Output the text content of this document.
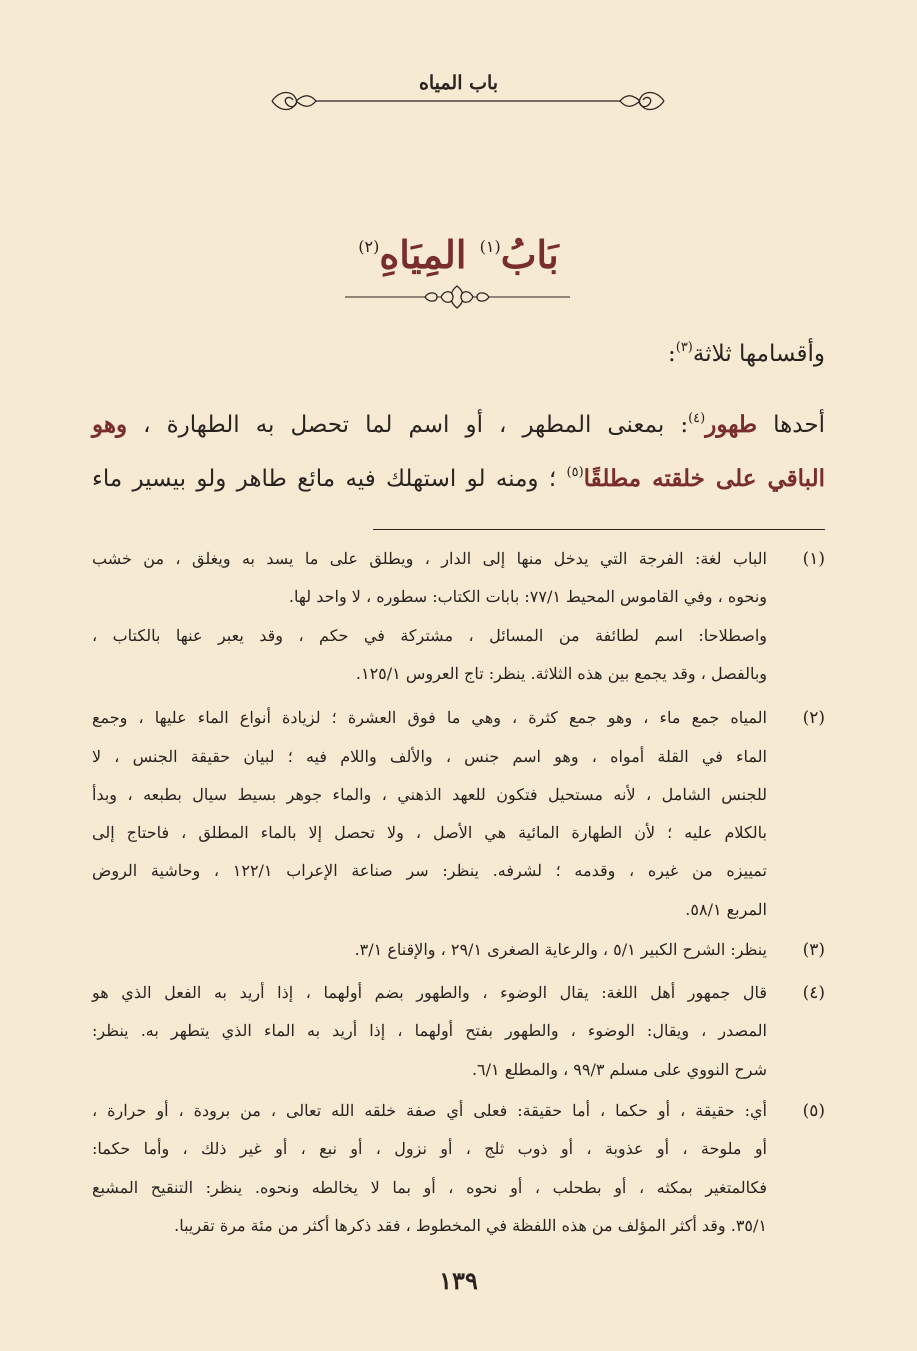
باب المياه
بَابُ$^{(١)}$ المِيَاهِ$^{(٢)}$
وأقسامها ثلاثة$^{(٣)}$:
أحدها طهور$^{(٤)}$: بمعنى المطهر ، أو اسم لما تحصل به الطهارة ، وهو
الباقي على خلقته مطلقًا$^{(٥)}$ ؛ ومنه لو استهلك فيه مائع طاهر ولو بيسير ماء
(١)
الباب لغة: الفرجة التي يدخل منها إلى الدار ، ويطلق على ما يسد به ويغلق ، من خشب
ونحوه ، وفي القاموس المحيط ٧٧/١: بابات الكتاب: سطوره ، لا واحد لها.
واصطلاحا: اسم لطائفة من المسائل ، مشتركة في حكم ، وقد يعبر عنها بالكتاب ،
وبالفصل ، وقد يجمع بين هذه الثلاثة. ينظر: تاج العروس ١٢٥/١.
(٢)
المياه جمع ماء ، وهو جمع كثرة ، وهي ما فوق العشرة ؛ لزيادة أنواع الماء عليها ، وجمع
الماء في القلة أمواه ، وهو اسم جنس ، والألف واللام فيه ؛ لبيان حقيقة الجنس ، لا
للجنس الشامل ، لأنه مستحيل فتكون للعهد الذهني ، والماء جوهر بسيط سيال بطبعه ، وبدأ
بالكلام عليه ؛ لأن الطهارة المائية هي الأصل ، ولا تحصل إلا بالماء المطلق ، فاحتاج إلى
تمييزه من غيره ، وقدمه ؛ لشرفه. ينظر: سر صناعة الإعراب ١٢٢/١ ، وحاشية الروض
المربع ٥٨/١.
(٣)
ينظر: الشرح الكبير ٥/١ ، والرعاية الصغرى ٢٩/١ ، والإقناع ٣/١.
(٤)
قال جمهور أهل اللغة: يقال الوضوء ، والطهور بضم أولهما ، إذا أريد به الفعل الذي هو
المصدر ، ويقال: الوضوء ، والطهور بفتح أولهما ، إذا أريد به الماء الذي يتطهر به. ينظر:
شرح النووي على مسلم ٩٩/٣ ، والمطلع ٦/١.
(٥)
أي: حقيقة ، أو حكما ، أما حقيقة: فعلى أي صفة خلقه الله تعالى ، من برودة ، أو حرارة ،
أو ملوحة ، أو عذوبة ، أو ذوب ثلج ، أو نزول ، أو نبع ، أو غير ذلك ، وأما حكما:
فكالمتغير بمكثه ، أو بطحلب ، أو نحوه ، أو بما لا يخالطه ونحوه. ينظر: التنقيح المشبع
٣٥/١. وقد أكثر المؤلف من هذه اللفظة في المخطوط ، فقد ذكرها أكثر من مئة مرة تقريبا.
١٣٩
